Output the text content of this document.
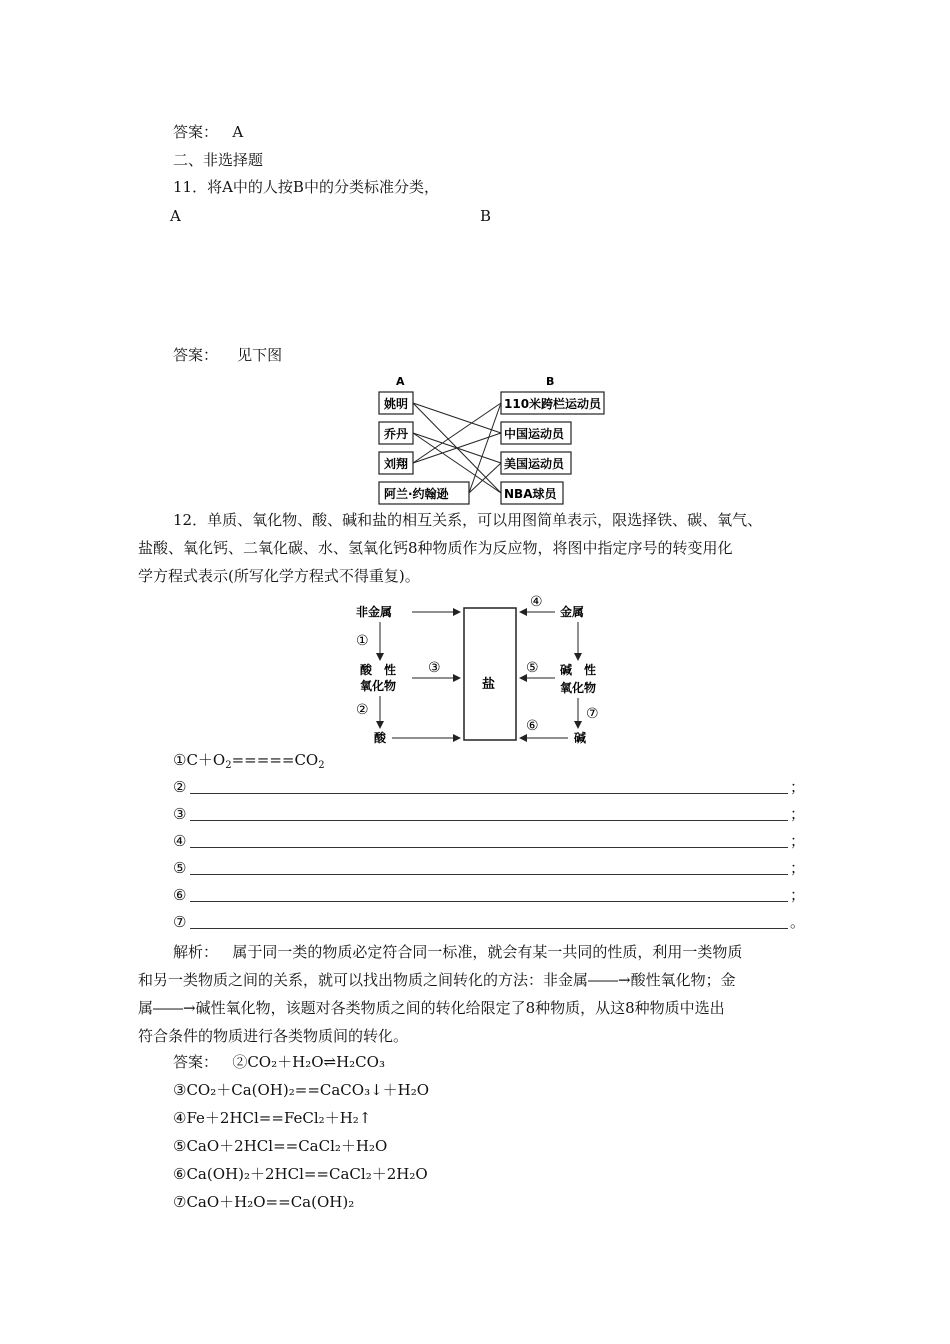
答案： A
二、非选择题
11．将A中的人按B中的分类标准分类，
A	B
答案： 见下图
A	B
姚明
乔丹
刘翔
阿兰·约翰逊
110米跨栏运动员
中国运动员
美国运动员
NBA球员
12．单质、氧化物、酸、碱和盐的相互关系，可以用图简单表示，限选择铁、碳、氧气、
盐酸、氧化钙、二氧化碳、水、氢氧化钙8种物质作为反应物，将图中指定序号的转变用化
学方程式表示(所写化学方程式不得重复)。
盐
非金属	金属
酸　性
氧化物
碱　性
氧化物
酸	碱
①
②
③
④
⑤
⑥
⑦
$①C+O_2=====CO_2$
②	；
③	；
④	；
⑤	；
⑥	；
⑦	。
解析： 属于同一类的物质必定符合同一标准，就会有某一共同的性质，利用一类物质
和另一类物质之间的关系，就可以找出物质之间转化的方法：非金属――→酸性氧化物；金
属――→碱性氧化物，该题对各类物质之间的转化给限定了8种物质，从这8种物质中选出
符合条件的物质进行各类物质间的转化。
答案： ②CO₂＋H₂O⇌H₂CO₃
③CO₂＋Ca(OH)₂==CaCO₃↓＋H₂O
④Fe＋2HCl==FeCl₂＋H₂↑
⑤CaO＋2HCl==CaCl₂＋H₂O
⑥Ca(OH)₂＋2HCl==CaCl₂＋2H₂O
⑦CaO＋H₂O==Ca(OH)₂
